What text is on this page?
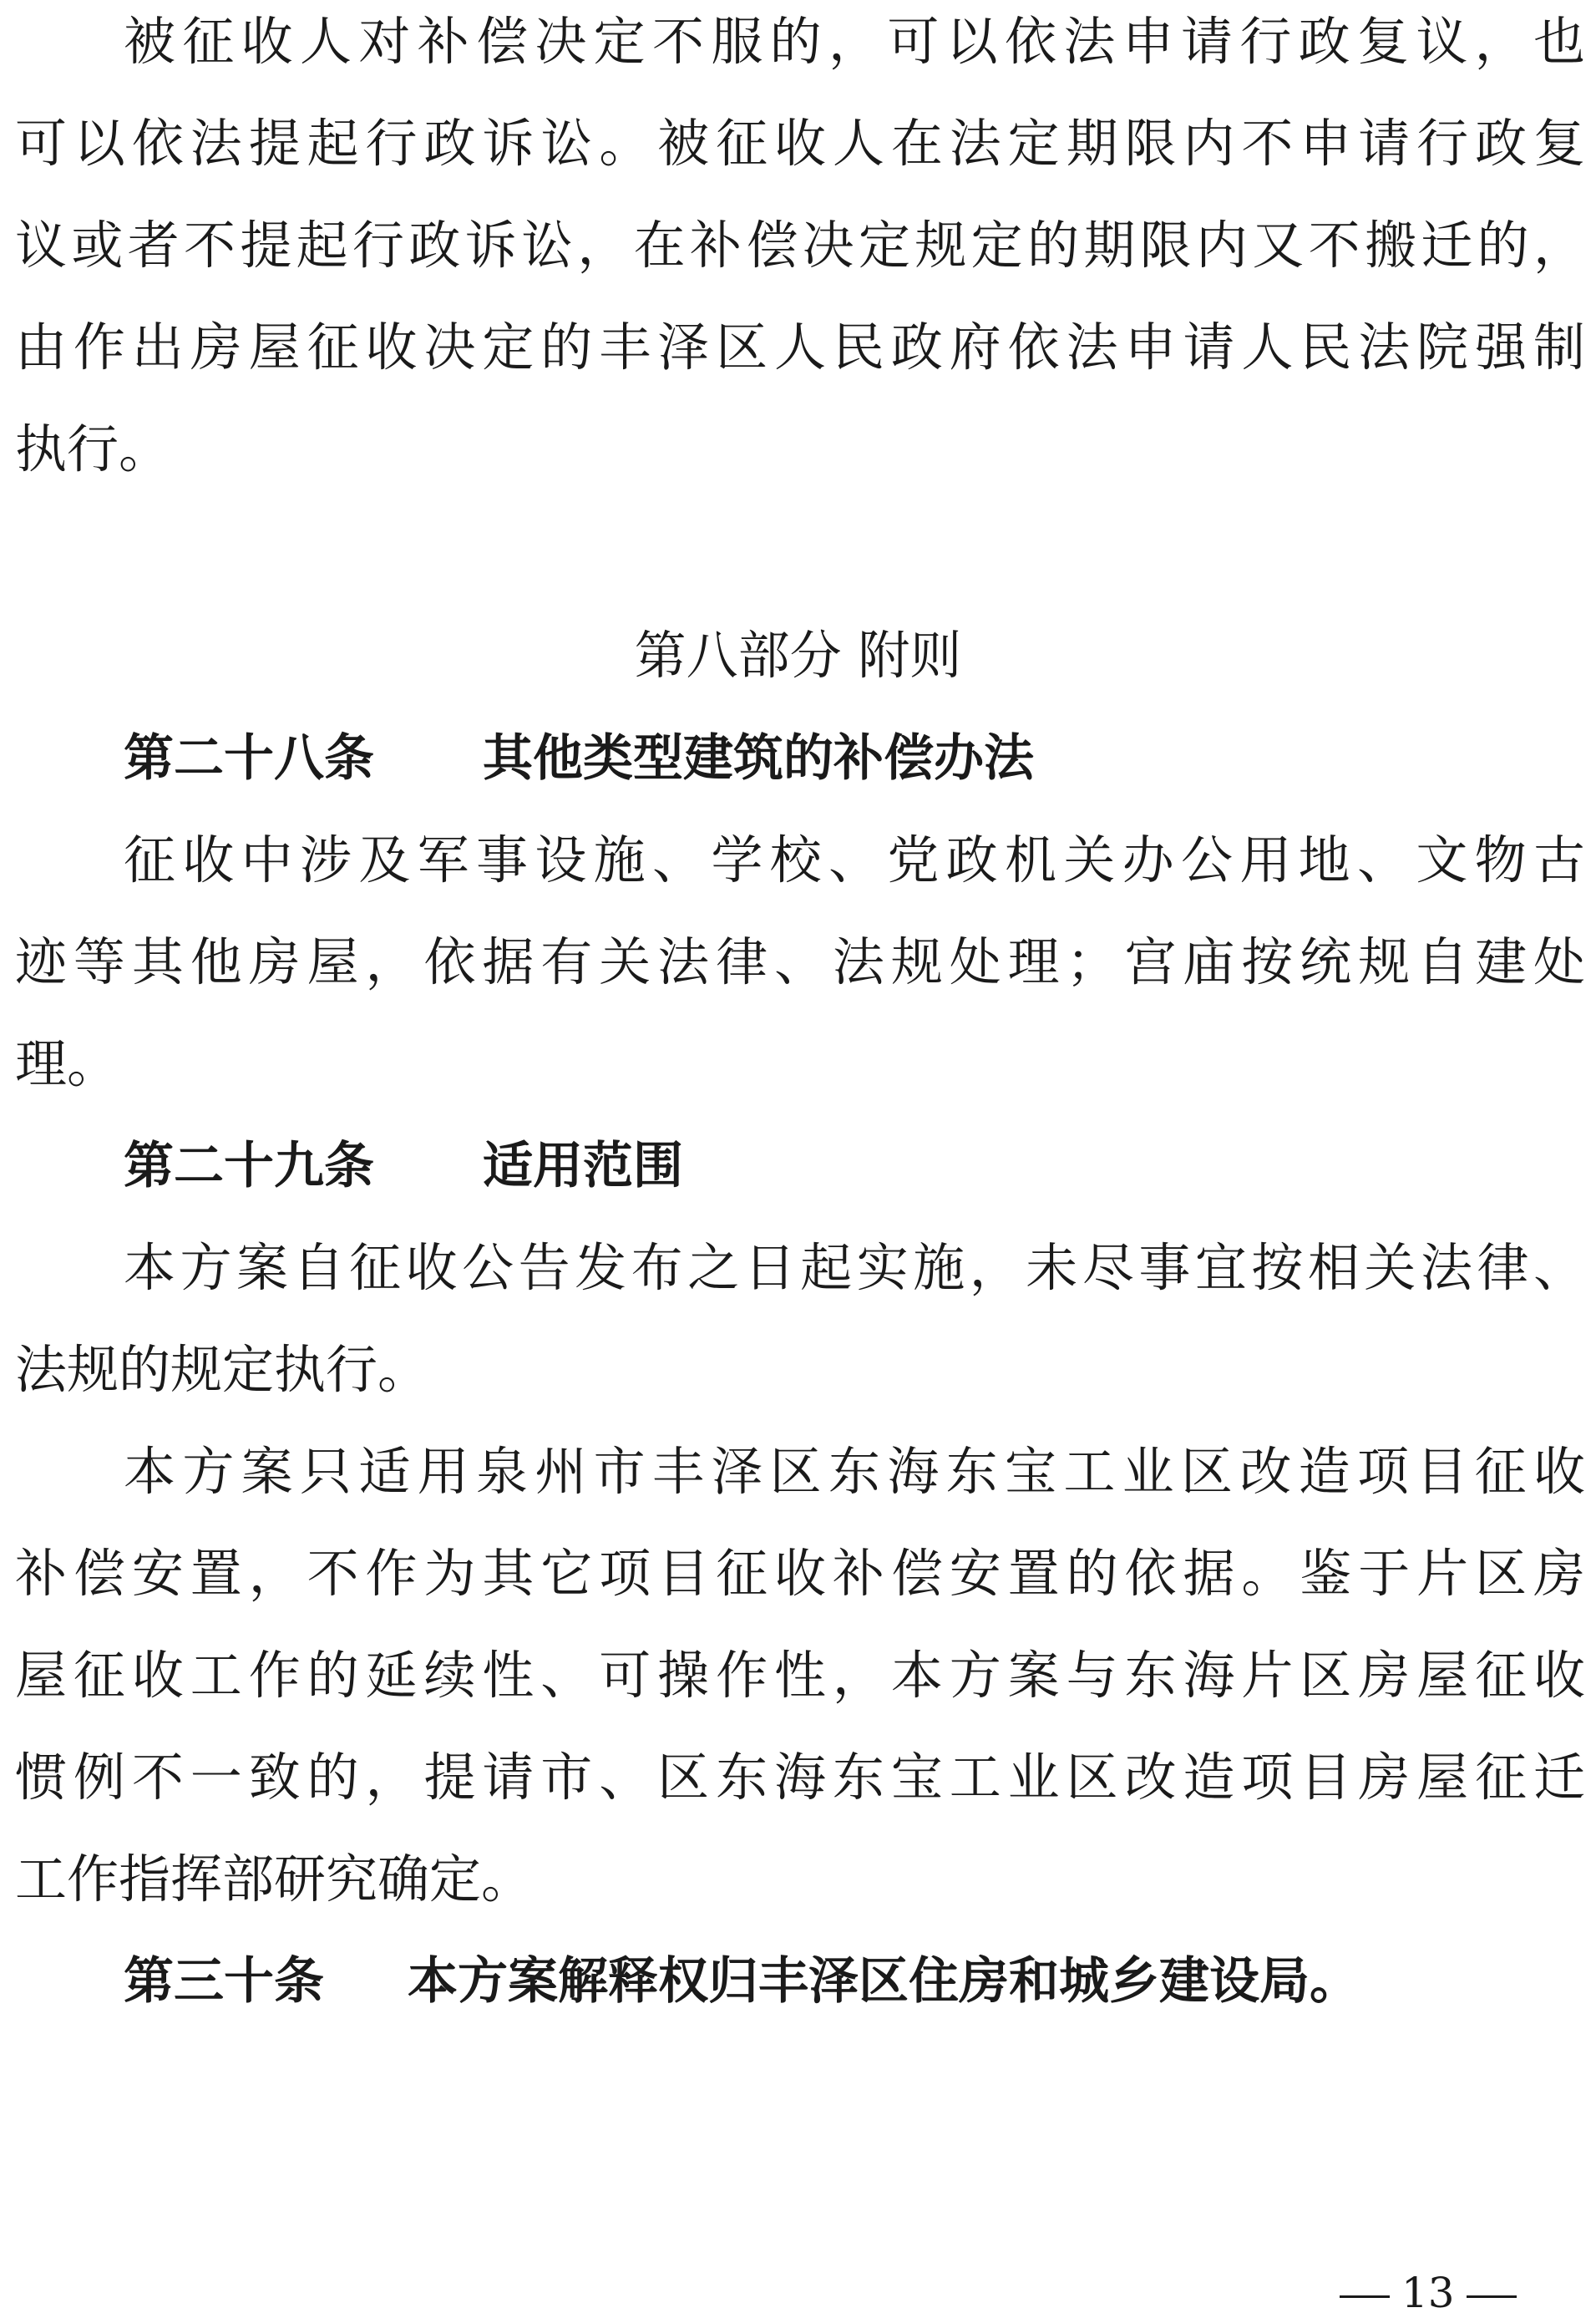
被征收人对补偿决定不服的，可以依法申请行政复议，也
可以依法提起行政诉讼。被征收人在法定期限内不申请行政复
议或者不提起行政诉讼，在补偿决定规定的期限内又不搬迁的，
由作出房屋征收决定的丰泽区人民政府依法申请人民法院强制
执行。
第八部分 附则
第二十八条 其他类型建筑的补偿办法
征收中涉及军事设施、学校、党政机关办公用地、文物古
迹等其他房屋，依据有关法律、法规处理；宫庙按统规自建处
理。
第二十九条 适用范围
本方案自征收公告发布之日起实施，未尽事宜按相关法律、
法规的规定执行。
本方案只适用泉州市丰泽区东海东宝工业区改造项目征收
补偿安置，不作为其它项目征收补偿安置的依据。鉴于片区房
屋征收工作的延续性、可操作性，本方案与东海片区房屋征收
惯例不一致的，提请市、区东海东宝工业区改造项目房屋征迁
工作指挥部研究确定。
第三十条 本方案解释权归丰泽区住房和城乡建设局。
13
